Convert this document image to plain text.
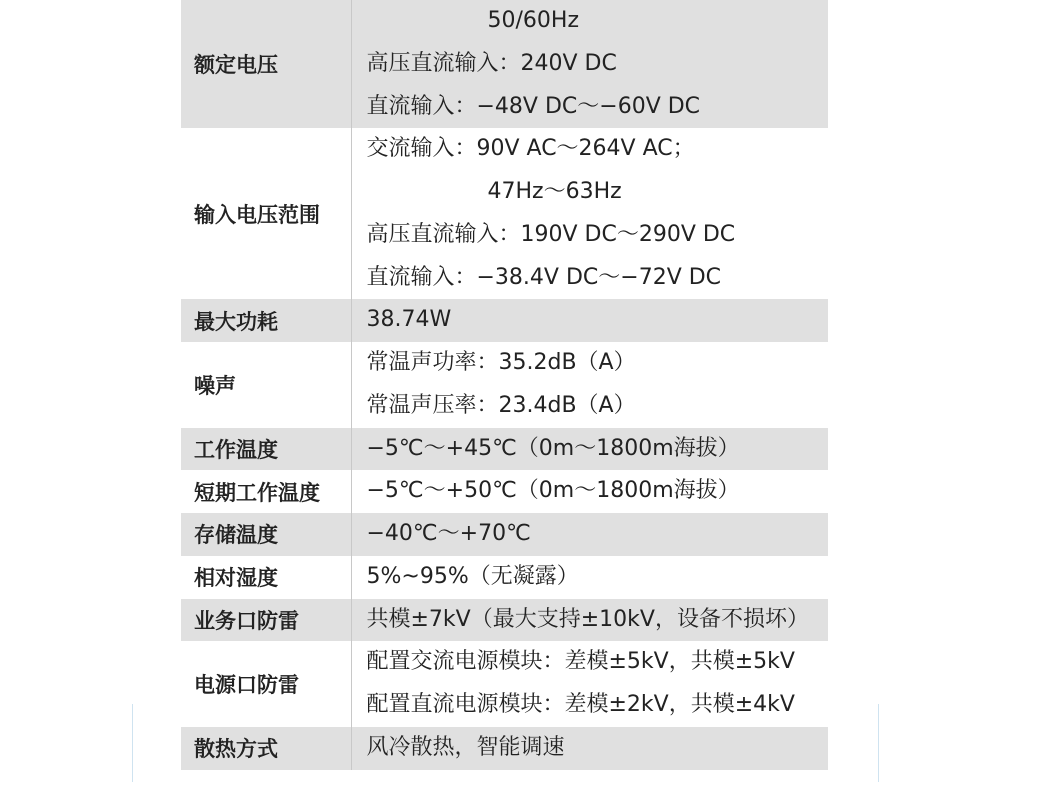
额定电压	50/60Hz
高压直流输入：240V DC
直流输入：−48V DC～−60V DC

输入电压范围	交流输入：90V AC～264V AC；
47Hz～63Hz
高压直流输入：190V DC～290V DC
直流输入：−38.4V DC～−72V DC

最大功耗	38.74W

噪声	常温声功率：35.2dB（A）
常温声压率：23.4dB（A）

工作温度	−5℃～+45℃（0m～1800m海拔）

短期工作温度	−5℃～+50℃（0m～1800m海拔）

存储温度	−40℃～+70℃

相对湿度	5%~95%（无凝露）

业务口防雷	共模±7kV（最大支持±10kV，设备不损坏）

电源口防雷	配置交流电源模块：差模±5kV，共模±5kV
配置直流电源模块：差模±2kV，共模±4kV

散热方式	风冷散热，智能调速
